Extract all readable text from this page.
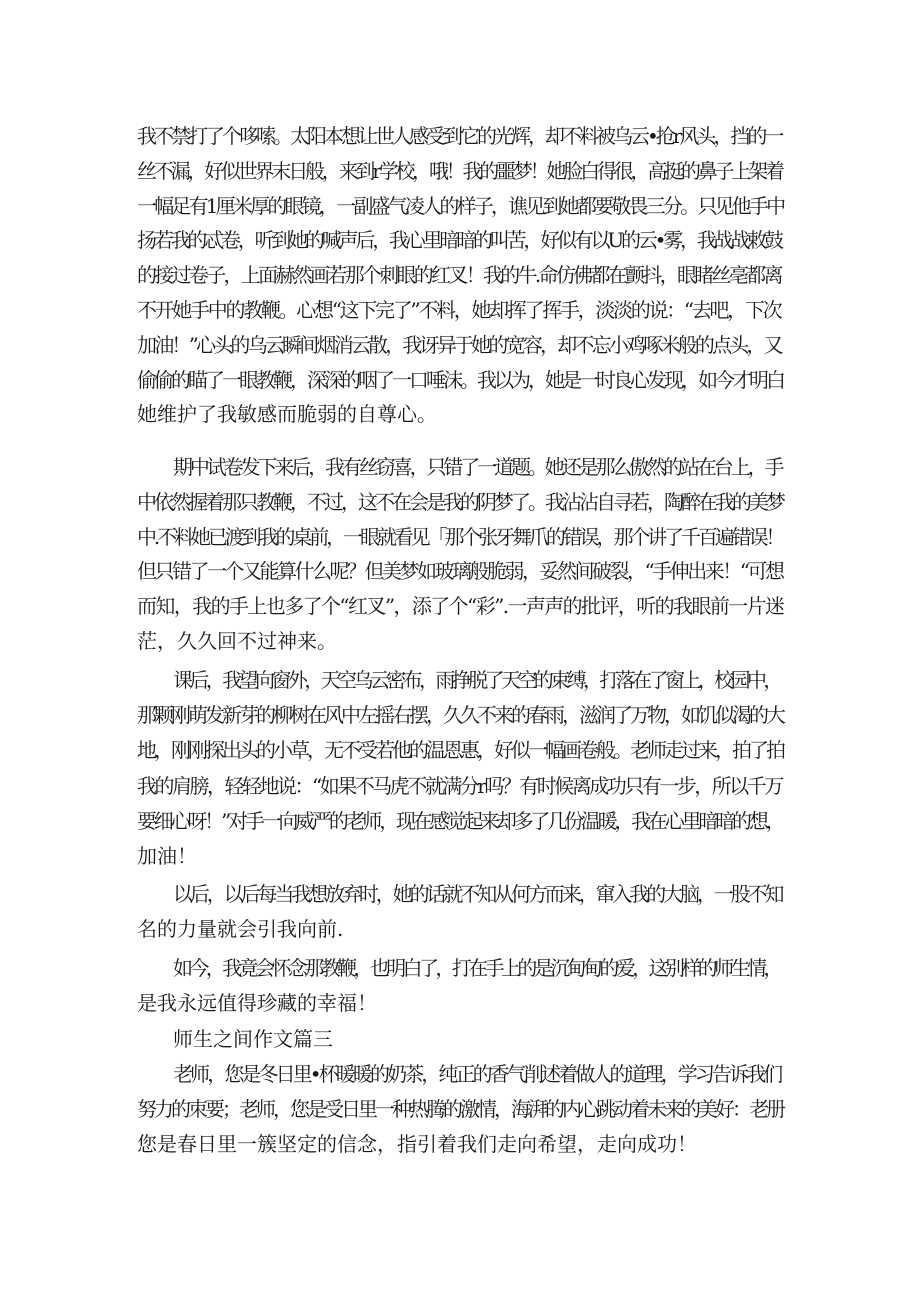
我不禁打了个哆嗦。太阳本想让世人感受到它的光辉，却不料被乌云•抢r风头，挡的一
丝不漏，好似世界末日般，来到r学校，哦！我的噩梦！她脸白得很，高挺的鼻子上架着
一幅足有1厘米厚的眼镜，一副盛气凌人的样子，谯见到她都要敬畏三分。只见他手中
扬若我的忒卷，听到她的喊声后，我心里暗暗的叫苦，好似有以U的云•雾，我战战敕鼓
的接过卷子，上面赫然画若那个刺眼的红叉！我的牛.命仿佛都在颤抖，眼睹丝亳都离
不开她手中的教鞭。心想“这下完了”不料，她却挥了挥手，淡淡的说：“去吧，下次
加油！”心头的乌云瞬间烟消云散，我讶异于她的宽容，却不忘小鸡啄米般的点头，又
偷偷的瞄了一眼教鞭，深深的咽了一口唾沫。我以为，她是一时良心发现，如今才明白
她维护了我敏感而脆弱的自尊心。
期中试卷发下来后，我有丝窃喜，只错了一道题。她还是那么傲然的站在台上，手
中依然握着那只教鞭，不过，这不在会是我的阴梦了。我沾沾自寻若，陶醉在我的美梦
中.不料她已渡到我的桌前，一眼就看见「那个张牙舞爪的错误，那个讲了千百遍错误！
但只错了一个又能算什么呢？但美梦如玻璃般脆弱，妥然间破裂，“手伸出来！“可想
而知，我的手上也多了个“红叉”，添了个“彩”.一声声的批评，听的我眼前一片迷
茫，久久回不过神来。
课后，我望向窗外，天空乌云密布，雨挣脱了天空的束缚，打落在了窗上，校园中，
那颗刚萌发新芽的柳树在风中左摇右摆，久久不来的春雨，滋润了万物，如饥似渴的大
地，刚刚探出头的小草，无不受若他的温恩惠，好似一幅画卷般。老师走过来，拍了拍
我的肩膀，轻轻地说：“如果不马虎不就满分r吗？有时候离成功只有一步，所以千万
要细心呀！”对手一向威严的老师，现在感觉起来却多了几份温暖，我在心里暗暗的想，
加油！
以后，以后每当我想放弃时，她的话就不知从何方而来，窜入我的大脑，一股不知
名的力量就会引我向前.
如今，我竟会怀念那教鞭，也明白了，打在手上的是沉甸甸的爱，这别样的师生情，
是我永远值得珍藏的幸福！
师生之间作文篇三
老师，您是冬日里•杯暖暖的奶茶，纯正的香气削述着做人的道理，学习告诉我们
努力的朿要；老师，您是受日里一种热腾的激情，海湃的内心跳动着未来的美好：老册
您是春日里一簇坚定的信念，指引着我们走向希望，走向成功！
